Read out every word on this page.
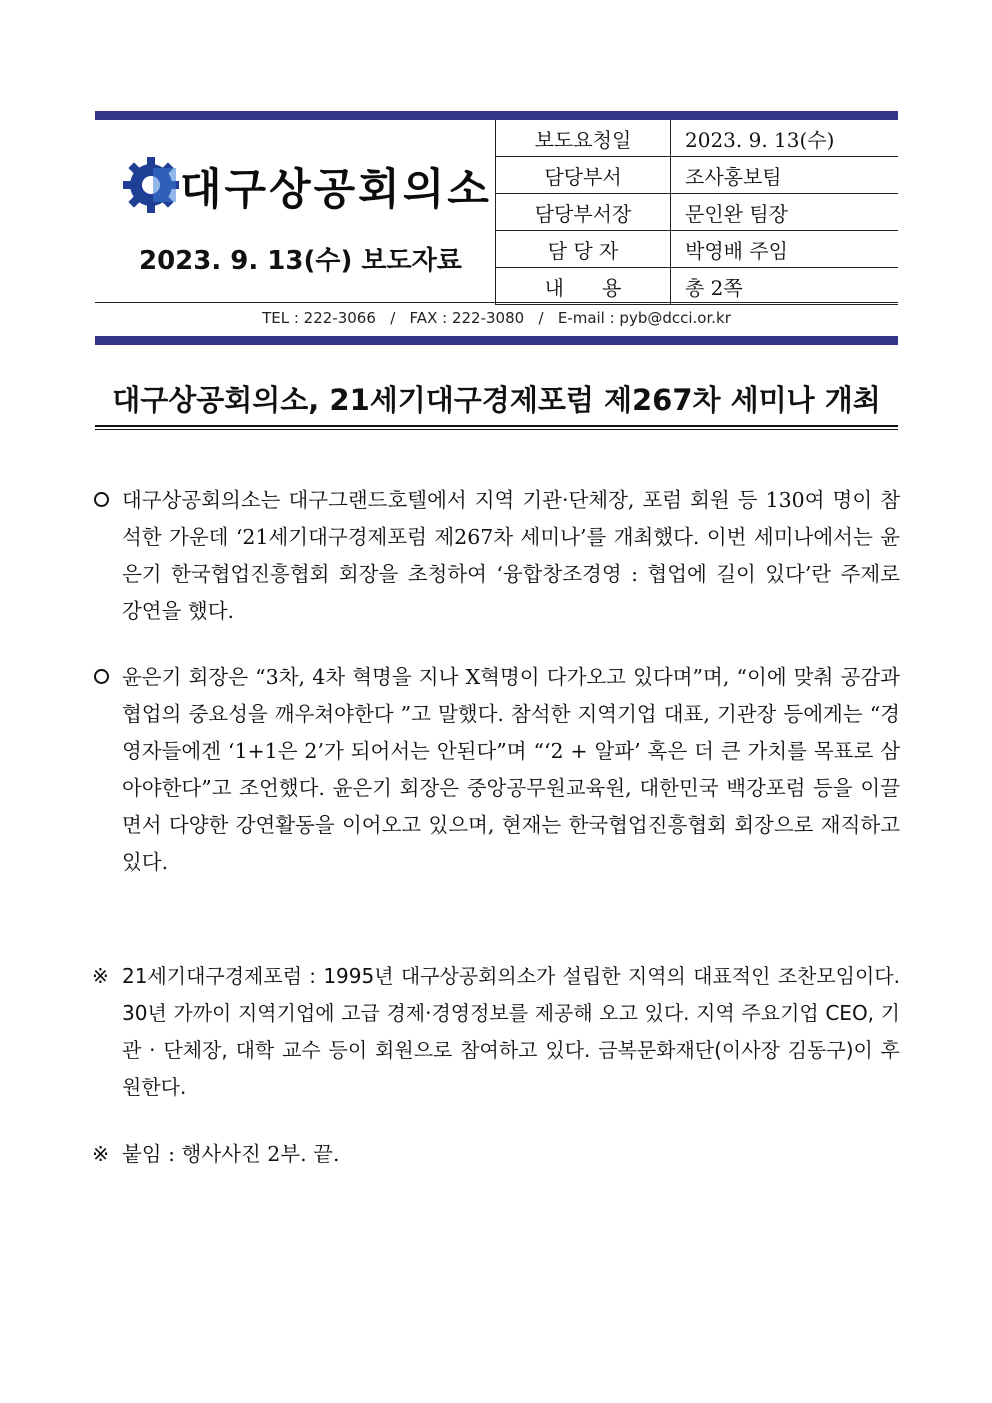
대구상공회의소
2023. 9. 13(수) 보도자료
보도요청일	2023. 9. 13(수)
담당부서	조사홍보팀
담당부서장	문인완 팀장
담 당 자	박영배 주임
내      용	총 2쪽
TEL : 222-3066   /   FAX : 222-3080   /   E-mail : pyb@dcci.or.kr
대구상공회의소, 21세기대구경제포럼 제267차 세미나 개최
대구상공회의소는 대구그랜드호텔에서 지역 기관·단체장, 포럼 회원 등 130여 명이 참석한 가운데 ‘21세기대구경제포럼 제267차 세미나’를 개최했다. 이번 세미나에서는 윤은기 한국협업진흥협회 회장을 초청하여 ‘융합창조경영 : 협업에 길이 있다’란 주제로 강연을 했다.
윤은기 회장은 “3차, 4차 혁명을 지나 X혁명이 다가오고 있다며”며, “이에 맞춰 공감과 협업의 중요성을 깨우쳐야한다 ”고 말했다. 참석한 지역기업 대표, 기관장 등에게는 “경영자들에겐 ‘1+1은 2’가 되어서는 안된다”며 “‘2 + 알파’ 혹은 더 큰 가치를 목표로 삼아야한다”고 조언했다. 윤은기 회장은 중앙공무원교육원, 대한민국 백강포럼 등을 이끌면서 다양한 강연활동을 이어오고 있으며, 현재는 한국협업진흥협회 회장으로 재직하고 있다.
※ 21세기대구경제포럼 : 1995년 대구상공회의소가 설립한 지역의 대표적인 조찬모임이다. 30년 가까이 지역기업에 고급 경제·경영정보를 제공해 오고 있다. 지역 주요기업 CEO, 기관 · 단체장, 대학 교수 등이 회원으로 참여하고 있다. 금복문화재단(이사장 김동구)이 후원한다.
※ 붙임 : 행사사진 2부. 끝.
